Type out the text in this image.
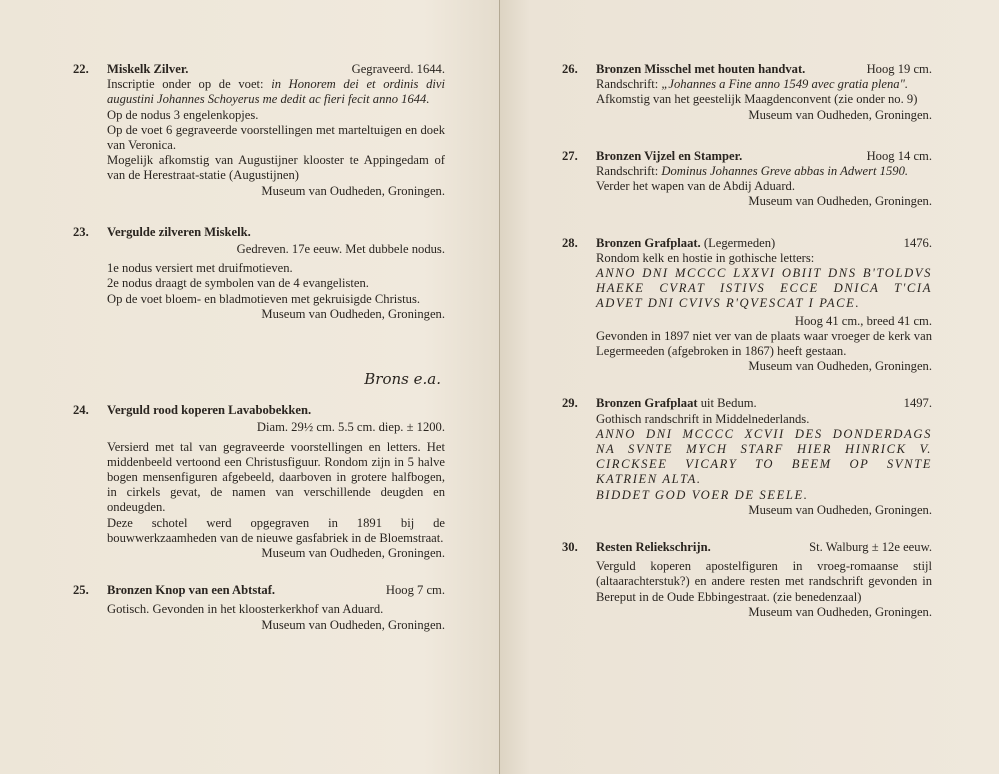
22. Miskelk Zilver.	Gegraveerd. 1644.
Inscriptie onder op de voet: in Honorem dei et ordinis divi augustini Johannes Schoyerus me dedit ac fieri fecit anno 1644.
Op de nodus 3 engelenkopjes.
Op de voet 6 gegraveerde voorstellingen met marteltuigen en doek van Veronica.
Mogelijk afkomstig van Augustijner klooster te Appingedam of van de Herestraat-statie (Augustijnen)
Museum van Oudheden, Groningen.
23. Vergulde zilveren Miskelk.
Gedreven. 17e eeuw. Met dubbele nodus.
1e nodus versiert met druifmotieven.
2e nodus draagt de symbolen van de 4 evangelisten.
Op de voet bloem- en bladmotieven met gekruisigde Christus.
Museum van Oudheden, Groningen.
Brons e.a.
24. Verguld rood koperen Lavabobekken.
Diam. 29½ cm. 5.5 cm. diep. ± 1200.
Versierd met tal van gegraveerde voorstellingen en letters. Het middenbeeld vertoond een Christusfiguur. Rondom zijn in 5 halve bogen mensenfiguren afgebeeld, daarboven in grotere halfbogen, in cirkels gevat, de namen van verschillende deugden en ondeugden.
Deze schotel werd opgegraven in 1891 bij de bouwwerkzaamheden van de nieuwe gasfabriek in de Bloemstraat.
Museum van Oudheden, Groningen.
25. Bronzen Knop van een Abtstaf.	Hoog 7 cm.
Gotisch. Gevonden in het kloosterkerkhof van Aduard.
Museum van Oudheden, Groningen.
26. Bronzen Misschel met houten handvat.	Hoog 19 cm.
Randschrift: „Johannes a Fine anno 1549 avec gratia plena".
Afkomstig van het geestelijk Maagdenconvent (zie onder no. 9)
Museum van Oudheden, Groningen.
27. Bronzen Vijzel en Stamper.	Hoog 14 cm.
Randschrift: Dominus Johannes Greve abbas in Adwert 1590.
Verder het wapen van de Abdij Aduard.
Museum van Oudheden, Groningen.
28. Bronzen Grafplaat. (Legermeden)	1476.
Rondom kelk en hostie in gothische letters:
ANNO DNI MCCCC LXXVI OBIIT DNS B'TOLDVS
HAEKE CVRAT ISTIVS ECCE DNICA T'CIA
ADVET DNI CVIVS R'QVESCAT I PACE.
Hoog 41 cm., breed 41 cm.
Gevonden in 1897 niet ver van de plaats waar vroeger de kerk van Legermeeden (afgebroken in 1867) heeft gestaan.
Museum van Oudheden, Groningen.
29. Bronzen Grafplaat uit Bedum.	1497.
Gothisch randschrift in Middelnederlands.
ANNO DNI MCCCC XCVII DES DONDERDAGS
NA SVNTE MYCH STARF HIER HINRICK V.
CIRCKSEE VICARY TO BEEM OP SVNTE
KATRIEN ALTA.
BIDDET GOD VOER DE SEELE.
Museum van Oudheden, Groningen.
30. Resten Reliekschrijn.	St. Walburg ± 12e eeuw.
Verguld koperen apostelfiguren in vroeg-romaanse stijl (altaarachterstuk?) en andere resten met randschrift gevonden in Bereput in de Oude Ebbingestraat. (zie benedenzaal)
Museum van Oudheden, Groningen.
